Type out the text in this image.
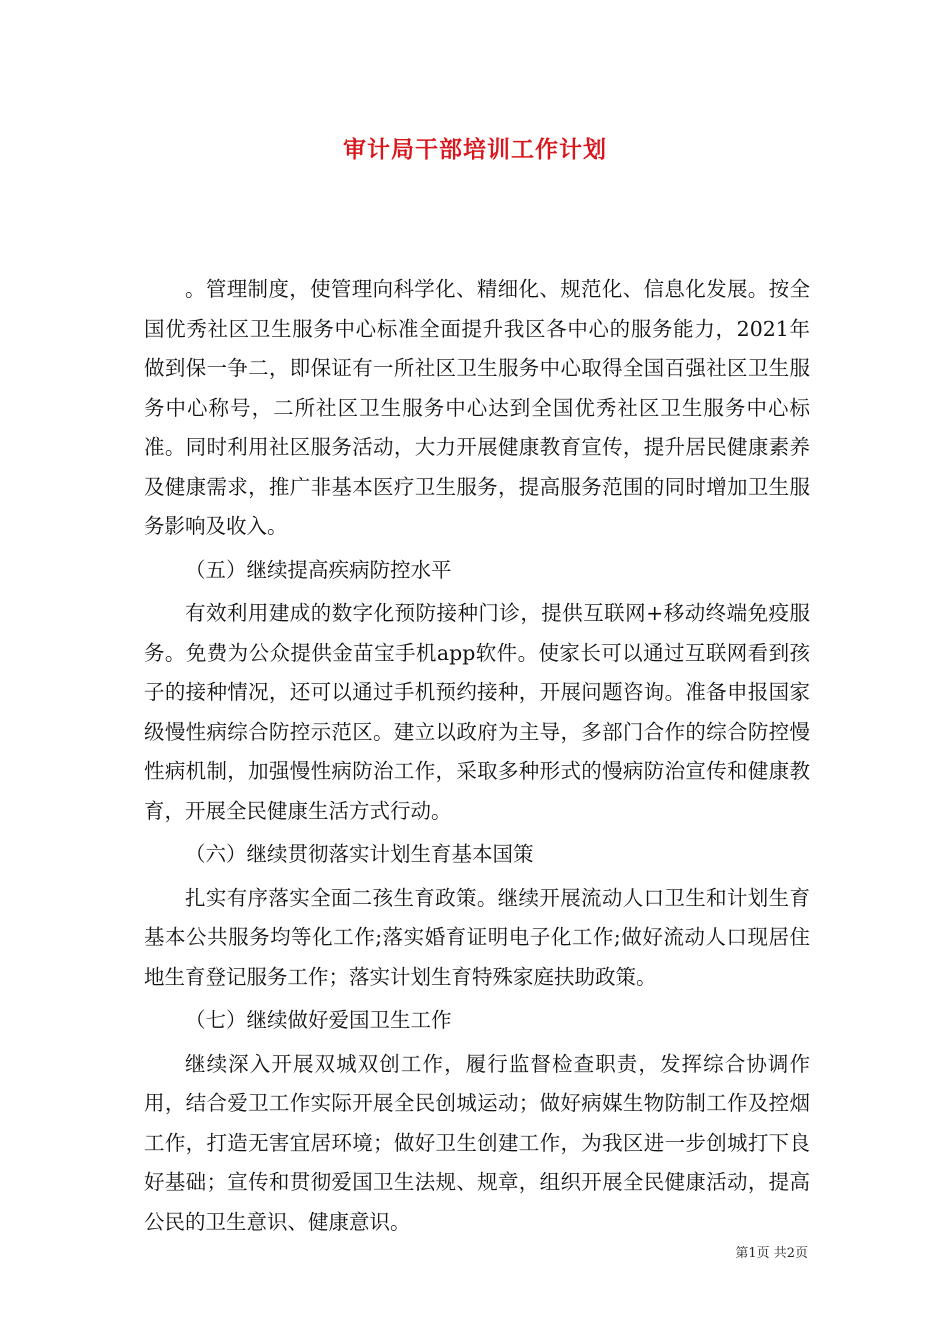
审计局干部培训工作计划

。管理制度，使管理向科学化、精细化、规范化、信息化发展。按全国优秀社区卫生服务中心标准全面提升我区各中心的服务能力，2021年做到保一争二，即保证有一所社区卫生服务中心取得全国百强社区卫生服务中心称号，二所社区卫生服务中心达到全国优秀社区卫生服务中心标准。同时利用社区服务活动，大力开展健康教育宣传，提升居民健康素养及健康需求，推广非基本医疗卫生服务，提高服务范围的同时增加卫生服务影响及收入。

（五）继续提高疾病防控水平

有效利用建成的数字化预防接种门诊，提供互联网+移动终端免疫服务。免费为公众提供金苗宝手机app软件。使家长可以通过互联网看到孩子的接种情况，还可以通过手机预约接种，开展问题咨询。准备申报国家级慢性病综合防控示范区。建立以政府为主导，多部门合作的综合防控慢性病机制，加强慢性病防治工作，采取多种形式的慢病防治宣传和健康教育，开展全民健康生活方式行动。

（六）继续贯彻落实计划生育基本国策

扎实有序落实全面二孩生育政策。继续开展流动人口卫生和计划生育基本公共服务均等化工作;落实婚育证明电子化工作;做好流动人口现居住地生育登记服务工作；落实计划生育特殊家庭扶助政策。

（七）继续做好爱国卫生工作

继续深入开展双城双创工作，履行监督检查职责，发挥综合协调作用，结合爱卫工作实际开展全民创城运动；做好病媒生物防制工作及控烟工作，打造无害宜居环境；做好卫生创建工作，为我区进一步创城打下良好基础；宣传和贯彻爱国卫生法规、规章，组织开展全民健康活动，提高公民的卫生意识、健康意识。

第1页 共2页
